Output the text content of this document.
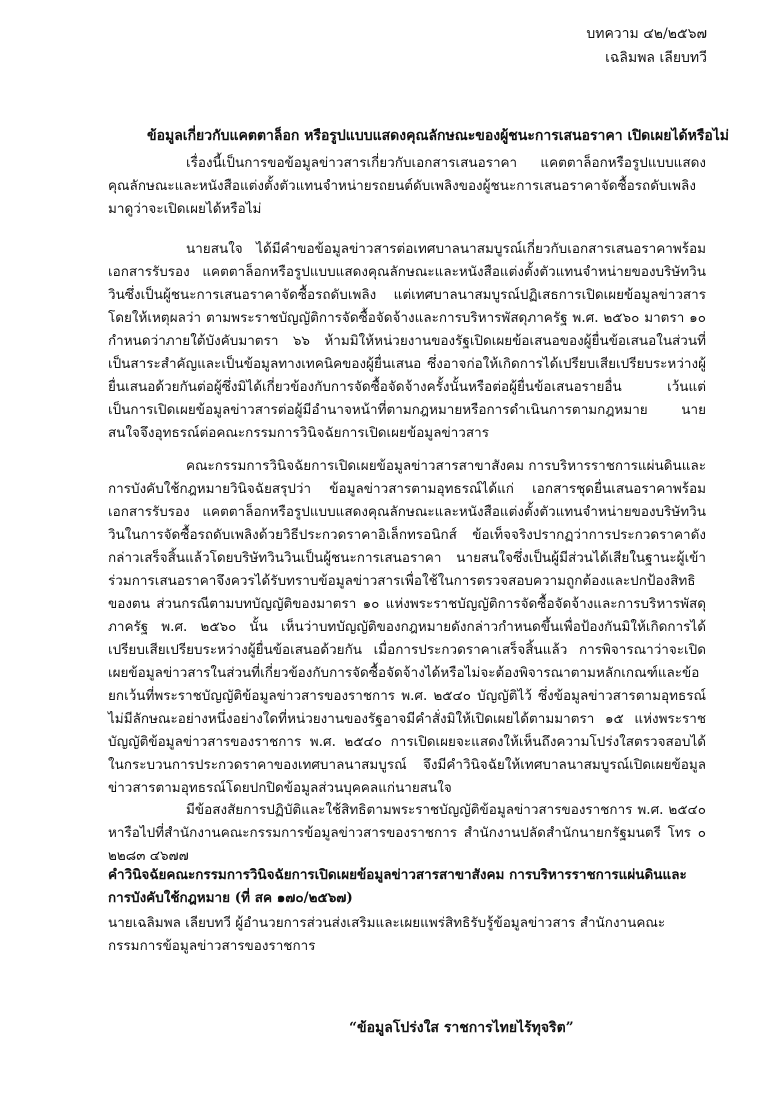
บทความ ๔๒/๒๕๖๗
เฉลิมพล เลียบทวี
ข้อมูลเกี่ยวกับแคตตาล็อก หรือรูปแบบแสดงคุณลักษณะของผู้ชนะการเสนอราคา เปิดเผยได้หรือไม่

เรื่องนี้เป็นการขอข้อมูลข่าวสารเกี่ยวกับเอกสารเสนอราคา แคตตาล็อกหรือรูปแบบแสดงคุณลักษณะและหนังสือแต่งตั้งตัวแทนจำหน่ายรถยนต์ดับเพลิงของผู้ชนะการเสนอราคาจัดซื้อรถดับเพลิง มาดูว่าจะเปิดเผยได้หรือไม่

นายสนใจ ได้มีคำขอข้อมูลข่าวสารต่อเทศบาลนาสมบูรณ์เกี่ยวกับเอกสารเสนอราคาพร้อมเอกสารรับรอง แคตตาล็อกหรือรูปแบบแสดงคุณลักษณะและหนังสือแต่งตั้งตัวแทนจำหน่ายของบริษัทวินวินซึ่งเป็นผู้ชนะการเสนอราคาจัดซื้อรถดับเพลิง แต่เทศบาลนาสมบูรณ์ปฏิเสธการเปิดเผยข้อมูลข่าวสารโดยให้เหตุผลว่า ตามพระราชบัญญัติการจัดซื้อจัดจ้างและการบริหารพัสดุภาครัฐ พ.ศ. ๒๕๖๐ มาตรา ๑๐ กำหนดว่าภายใต้บังคับมาตรา ๖๖ ห้ามมิให้หน่วยงานของรัฐเปิดเผยข้อเสนอของผู้ยื่นข้อเสนอในส่วนที่เป็นสาระสำคัญและเป็นข้อมูลทางเทคนิคของผู้ยื่นเสนอ ซึ่งอาจก่อให้เกิดการได้เปรียบเสียเปรียบระหว่างผู้ยื่นเสนอด้วยกันต่อผู้ซึ่งมิได้เกี่ยวข้องกับการจัดซื้อจัดจ้างครั้งนั้นหรือต่อผู้ยื่นข้อเสนอรายอื่น เว้นแต่เป็นการเปิดเผยข้อมูลข่าวสารต่อผู้มีอำนาจหน้าที่ตามกฎหมายหรือการดำเนินการตามกฎหมาย นายสนใจจึงอุทธรณ์ต่อคณะกรรมการวินิจฉัยการเปิดเผยข้อมูลข่าวสาร

คณะกรรมการวินิจฉัยการเปิดเผยข้อมูลข่าวสารสาขาสังคม การบริหารราชการแผ่นดินและการบังคับใช้กฎหมายวินิจฉัยสรุปว่า ข้อมูลข่าวสารตามอุทธรณ์ได้แก่ เอกสารชุดยื่นเสนอราคาพร้อมเอกสารรับรอง แคตตาล็อกหรือรูปแบบแสดงคุณลักษณะและหนังสือแต่งตั้งตัวแทนจำหน่ายของบริษัทวินวินในการจัดซื้อรถดับเพลิงด้วยวิธีประกวดราคาอิเล็กทรอนิกส์ ข้อเท็จจริงปรากฏว่าการประกวดราคาดังกล่าวเสร็จสิ้นแล้วโดยบริษัทวินวินเป็นผู้ชนะการเสนอราคา นายสนใจซึ่งเป็นผู้มีส่วนได้เสียในฐานะผู้เข้าร่วมการเสนอราคาจึงควรได้รับทราบข้อมูลข่าวสารเพื่อใช้ในการตรวจสอบความถูกต้องและปกป้องสิทธิของตน ส่วนกรณีตามบทบัญญัติของมาตรา ๑๐ แห่งพระราชบัญญัติการจัดซื้อจัดจ้างและการบริหารพัสดุภาครัฐ พ.ศ. ๒๕๖๐ นั้น เห็นว่าบทบัญญัติของกฎหมายดังกล่าวกำหนดขึ้นเพื่อป้องกันมิให้เกิดการได้เปรียบเสียเปรียบระหว่างผู้ยื่นข้อเสนอด้วยกัน เมื่อการประกวดราคาเสร็จสิ้นแล้ว การพิจารณาว่าจะเปิดเผยข้อมูลข่าวสารในส่วนที่เกี่ยวข้องกับการจัดซื้อจัดจ้างได้หรือไม่จะต้องพิจารณาตามหลักเกณฑ์และข้อยกเว้นที่พระราชบัญญัติข้อมูลข่าวสารของราชการ พ.ศ. ๒๕๔๐ บัญญัติไว้ ซึ่งข้อมูลข่าวสารตามอุทธรณ์ไม่มีลักษณะอย่างหนึ่งอย่างใดที่หน่วยงานของรัฐอาจมีคำสั่งมิให้เปิดเผยได้ตามมาตรา ๑๕ แห่งพระราชบัญญัติข้อมูลข่าวสารของราชการ พ.ศ. ๒๕๔๐ การเปิดเผยจะแสดงให้เห็นถึงความโปร่งใสตรวจสอบได้ในกระบวนการประกวดราคาของเทศบาลนาสมบูรณ์ จึงมีคำวินิจฉัยให้เทศบาลนาสมบูรณ์เปิดเผยข้อมูลข่าวสารตามอุทธรณ์โดยปกปิดข้อมูลส่วนบุคคลแก่นายสนใจ

มีข้อสงสัยการปฏิบัติและใช้สิทธิตามพระราชบัญญัติข้อมูลข่าวสารของราชการ พ.ศ. ๒๕๔๐ หารือไปที่สำนักงานคณะกรรมการข้อมูลข่าวสารของราชการ สำนักงานปลัดสำนักนายกรัฐมนตรี โทร ๐ ๒๒๘๓ ๔๖๗๗

คำวินิจฉัยคณะกรรมการวินิจฉัยการเปิดเผยข้อมูลข่าวสารสาขาสังคม การบริหารราชการแผ่นดินและการบังคับใช้กฎหมาย (ที่ สค ๑๗๐/๒๕๖๗)

นายเฉลิมพล เลียบทวี ผู้อำนวยการส่วนส่งเสริมและเผยแพร่สิทธิรับรู้ข้อมูลข่าวสาร สำนักงานคณะกรรมการข้อมูลข่าวสารของราชการ

“ข้อมูลโปร่งใส ราชการไทยไร้ทุจริต”
